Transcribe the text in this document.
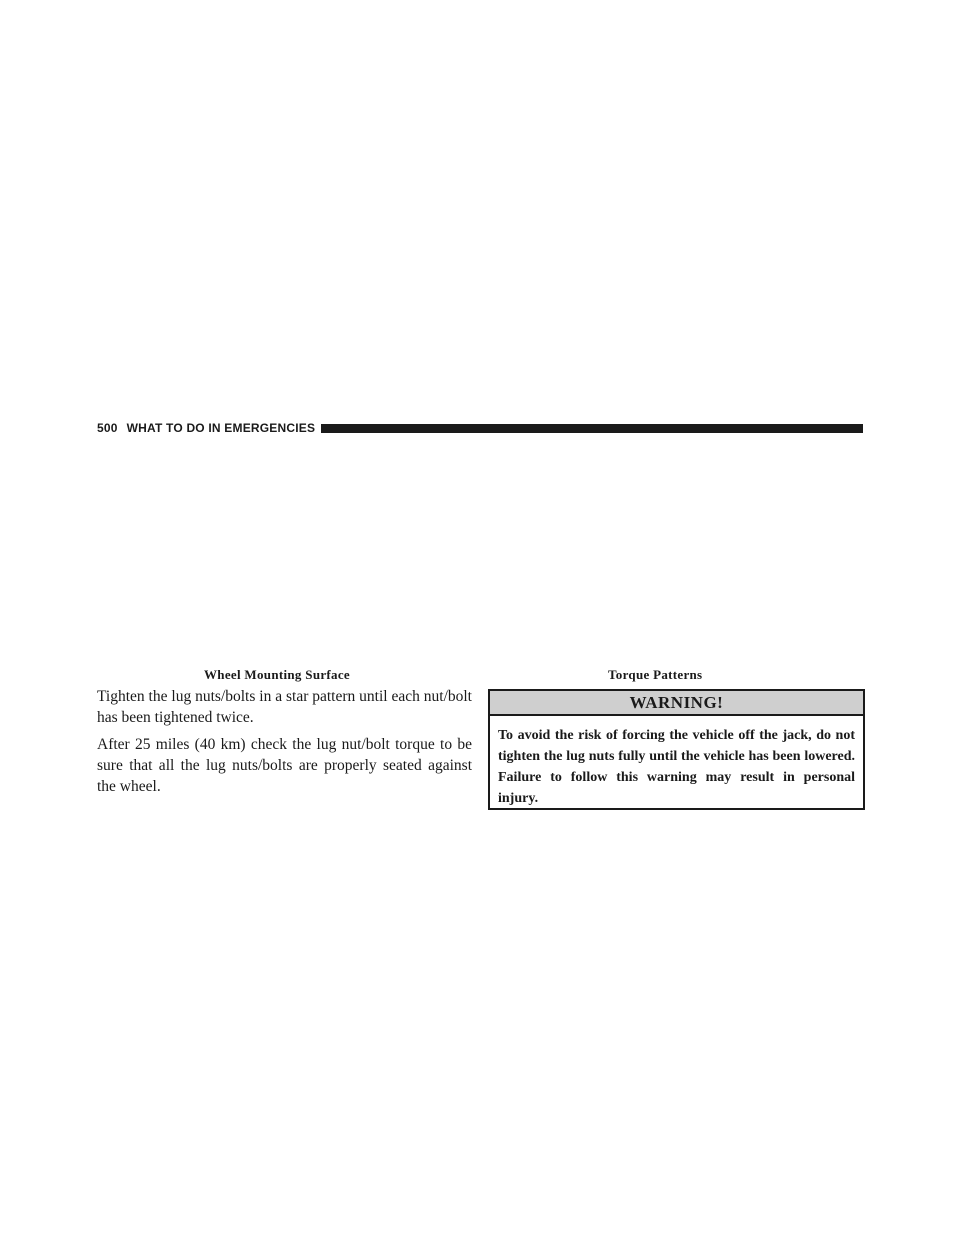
500 WHAT TO DO IN EMERGENCIES
Wheel Mounting Surface	Torque Patterns

Tighten the lug nuts/bolts in a star pattern until each nut/bolt has been tightened twice.

After 25 miles (40 km) check the lug nut/bolt torque to be sure that all the lug nuts/bolts are properly seated against the wheel.

WARNING!
To avoid the risk of forcing the vehicle off the jack, do not tighten the lug nuts fully until the vehicle has been lowered. Failure to follow this warning may result in personal injury.
